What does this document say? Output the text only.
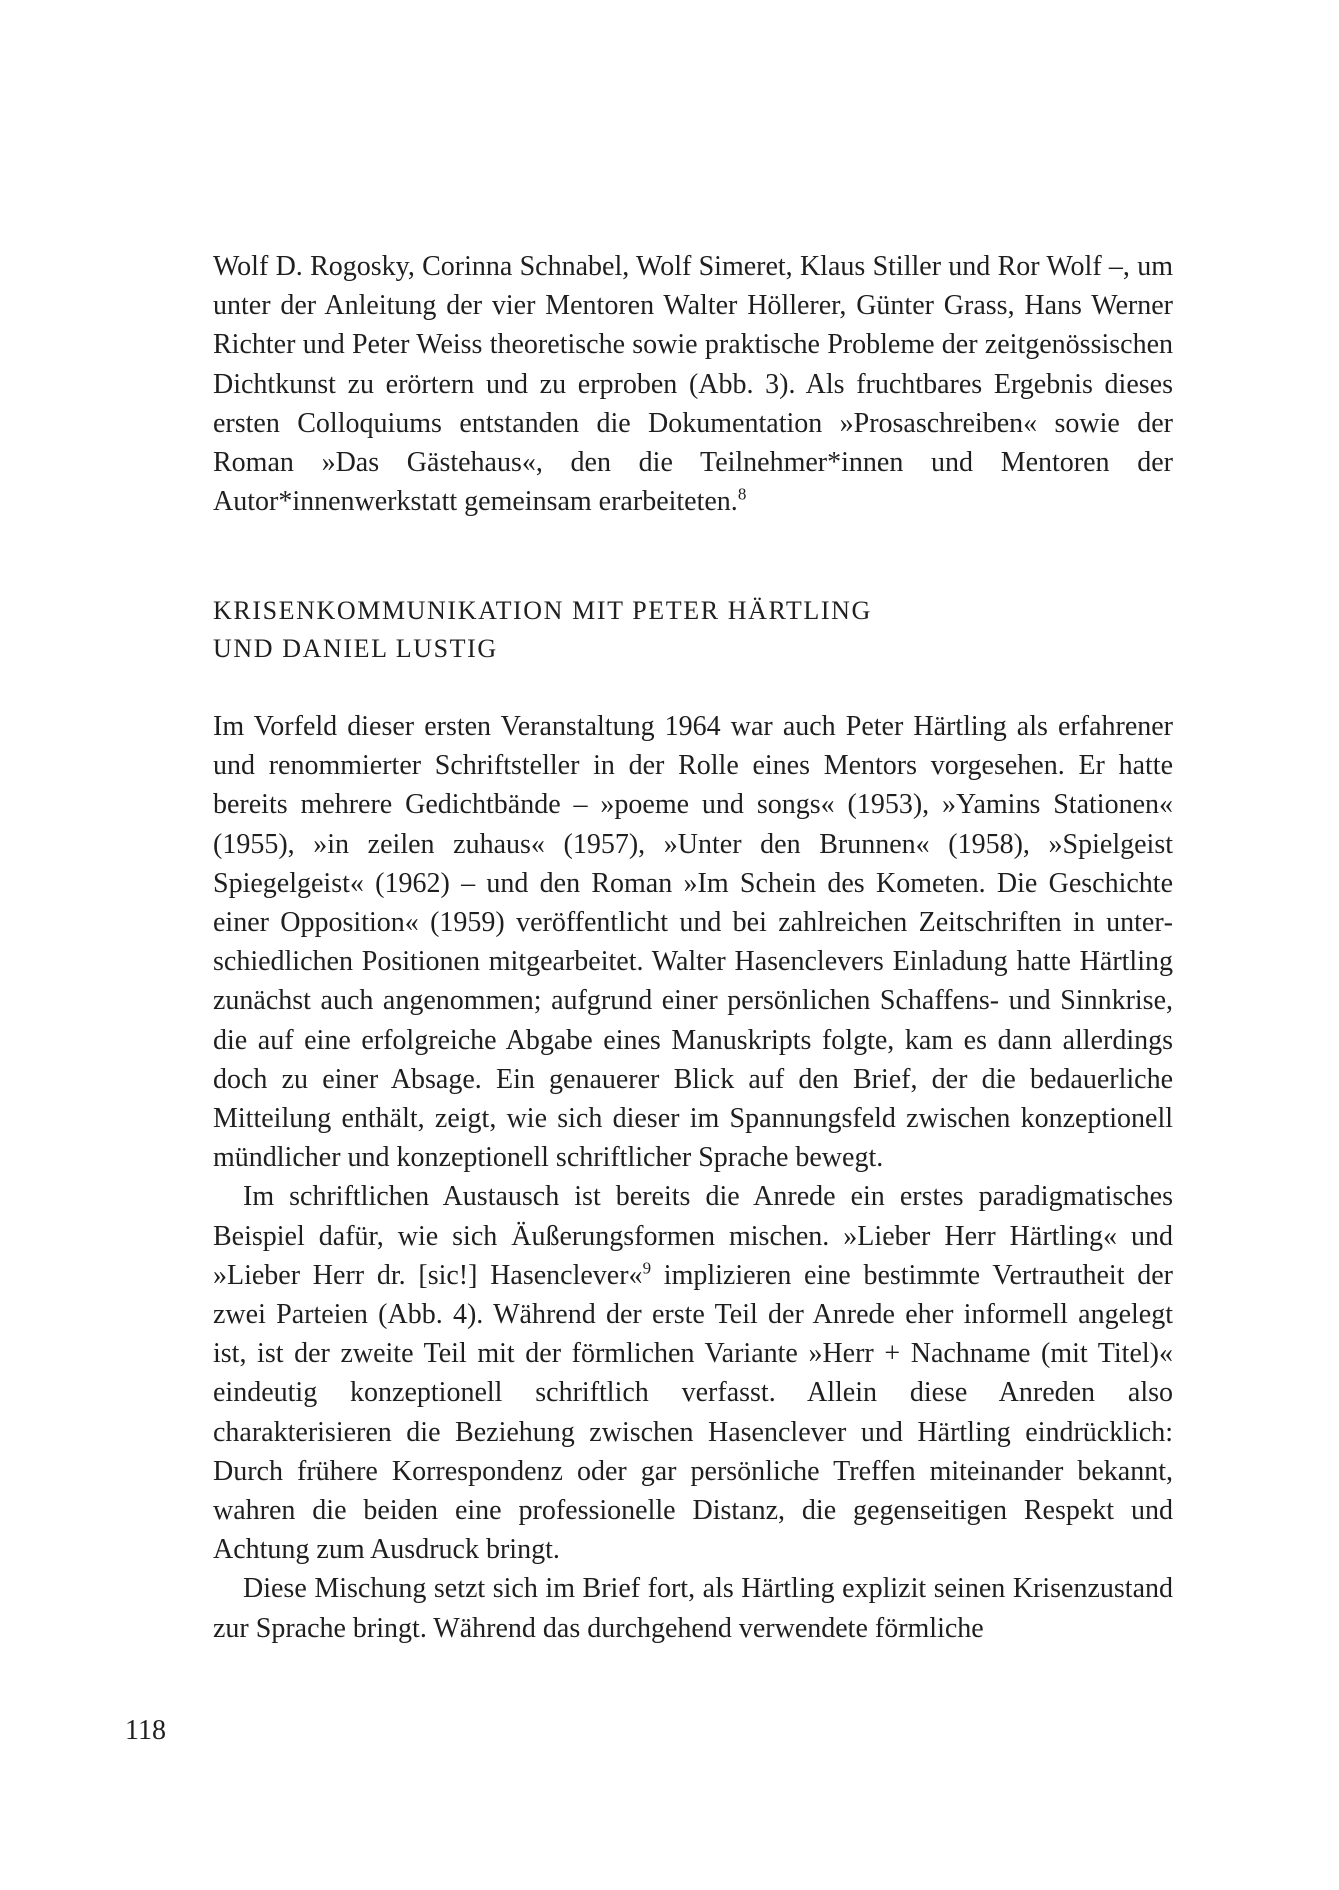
Wolf D. Rogosky, Corinna Schnabel, Wolf Simeret, Klaus Stiller und Ror Wolf –, um unter der Anleitung der vier Mentoren Walter Höllerer, Günter Grass, Hans Werner Richter und Peter Weiss theoretische sowie praktische Probleme der zeitgenössischen Dichtkunst zu erörtern und zu erproben (Abb. 3). Als fruchtbares Ergebnis dieses ersten Colloquiums entstanden die Dokumentation »Prosaschreiben« sowie der Roman »Das Gästehaus«, den die Teilnehmer*innen und Mentoren der Autor*innenwerkstatt gemeinsam erarbeiteten.$^8$

KRISENKOMMUNIKATION MIT PETER HÄRTLING
UND DANIEL LUSTIG

Im Vorfeld dieser ersten Veranstaltung 1964 war auch Peter Härtling als erfahrener und renommierter Schriftsteller in der Rolle eines Mentors vorgesehen. Er hatte bereits mehrere Gedichtbände – »poeme und songs« (1953), »Yamins Stationen« (1955), »in zeilen zuhaus« (1957), »Unter den Brunnen« (1958), »Spielgeist Spiegelgeist« (1962) – und den Roman »Im Schein des Kometen. Die Geschichte einer Opposition« (1959) veröffentlicht und bei zahlreichen Zeitschriften in unterschiedlichen Positionen mitgearbeitet. Walter Hasenclevers Einladung hatte Härtling zunächst auch angenommen; aufgrund einer persönlichen Schaffens- und Sinnkrise, die auf eine erfolgreiche Abgabe eines Manuskripts folgte, kam es dann allerdings doch zu einer Absage. Ein genauerer Blick auf den Brief, der die bedauerliche Mitteilung enthält, zeigt, wie sich dieser im Spannungsfeld zwischen konzeptionell mündlicher und konzeptionell schriftlicher Sprache bewegt.

Im schriftlichen Austausch ist bereits die Anrede ein erstes paradigmatisches Beispiel dafür, wie sich Äußerungsformen mischen. »Lieber Herr Härtling« und »Lieber Herr dr. [sic!] Hasenclever«$^9$ implizieren eine bestimmte Vertrautheit der zwei Parteien (Abb. 4). Während der erste Teil der Anrede eher informell angelegt ist, ist der zweite Teil mit der förmlichen Variante »Herr + Nachname (mit Titel)« eindeutig konzeptionell schriftlich verfasst. Allein diese Anreden also charakterisieren die Beziehung zwischen Hasenclever und Härtling eindrücklich: Durch frühere Korrespondenz oder gar persönliche Treffen miteinander bekannt, wahren die beiden eine professionelle Distanz, die gegenseitigen Respekt und Achtung zum Ausdruck bringt.

Diese Mischung setzt sich im Brief fort, als Härtling explizit seinen Krisenzustand zur Sprache bringt. Während das durchgehend verwendete förmliche

118
